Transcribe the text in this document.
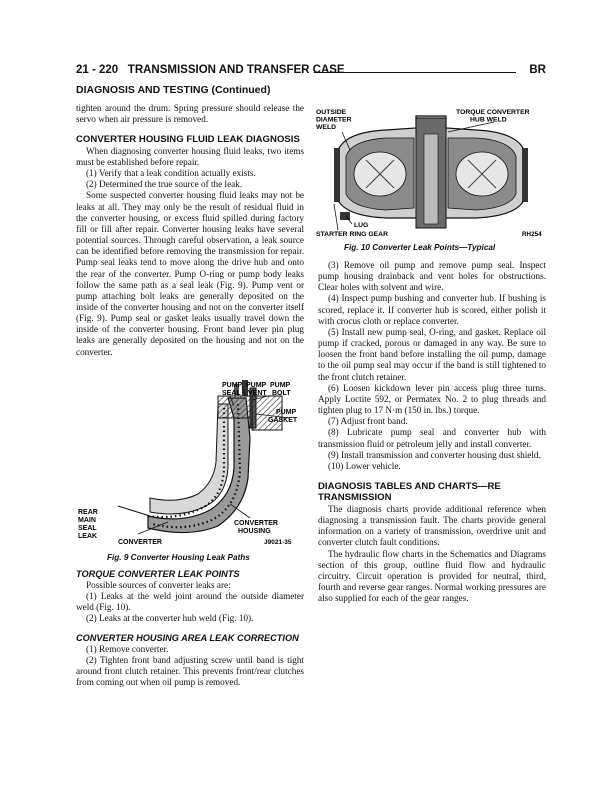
21 - 220 TRANSMISSION AND TRANSFER CASE	BR
DIAGNOSIS AND TESTING (Continued)

tighten around the drum. Spring pressure should release the servo when air pressure is removed.

CONVERTER HOUSING FLUID LEAK DIAGNOSIS

When diagnosing converter housing fluid leaks, two items must be established before repair.

(1) Verify that a leak condition actually exists.

(2) Determined the true source of the leak.

Some suspected converter housing fluid leaks may not be leaks at all. They may only be the result of residual fluid in the converter housing, or excess fluid spilled during factory fill or fill after repair. Converter housing leaks have several potential sources. Through careful observation, a leak source can be identified before removing the transmission for repair. Pump seal leaks tend to move along the drive hub and onto the rear of the converter. Pump O-ring or pump body leaks follow the same path as a seal leak (Fig. 9). Pump vent or pump attaching bolt leaks are generally deposited on the inside of the converter housing and not on the converter itself (Fig. 9). Pump seal or gasket leaks usually travel down the inside of the converter housing. Front band lever pin plug leaks are generally deposited on the housing and not on the converter.

PUMP SEAL
PUMP VENT
PUMP BOLT
PUMP GASKET
REAR MAIN SEAL LEAK
CONVERTER
CONVERTER HOUSING
J9021-35
Fig. 9 Converter Housing Leak Paths

TORQUE CONVERTER LEAK POINTS

Possible sources of converter leaks are:

(1) Leaks at the weld joint around the outside diameter weld (Fig. 10).

(2) Leaks at the converter hub weld (Fig. 10).

CONVERTER HOUSING AREA LEAK CORRECTION

(1) Remove converter.

(2) Tighten front band adjusting screw until band is tight around front clutch retainer. This prevents front/rear clutches from coming out when oil pump is removed.

OUTSIDE DIAMETER WELD
TORQUE CONVERTER HUB WELD
LUG
STARTER RING GEAR	RH254
Fig. 10 Converter Leak Points—Typical

(3) Remove oil pump and remove pump seal. Inspect pump housing drainback and vent holes for obstructions. Clear holes with solvent and wire.

(4) Inspect pump bushing and converter hub. If bushing is scored, replace it. If converter hub is scored, either polish it with crocus cloth or replace converter.

(5) Install new pump seal, O-ring, and gasket. Replace oil pump if cracked, porous or damaged in any way. Be sure to loosen the front band before installing the oil pump, damage to the oil pump seal may occur if the band is still tightened to the front clutch retainer.

(6) Loosen kickdown lever pin access plug three turns. Apply Loctite 592, or Permatex No. 2 to plug threads and tighten plug to 17 N·m (150 in. lbs.) torque.

(7) Adjust front band.

(8) Lubricate pump seal and converter hub with transmission fluid or petroleum jelly and install converter.

(9) Install transmission and converter housing dust shield.

(10) Lower vehicle.

DIAGNOSIS TABLES AND CHARTS—RE TRANSMISSION

The diagnosis charts provide additional reference when diagnosing a transmission fault. The charts provide general information on a variety of transmission, overdrive unit and converter clutch fault conditions.

The hydraulic flow charts in the Schematics and Diagrams section of this group, outline fluid flow and hydraulic circuitry. Circuit operation is provided for neutral, third, fourth and reverse gear ranges. Normal working pressures are also supplied for each of the gear ranges.
